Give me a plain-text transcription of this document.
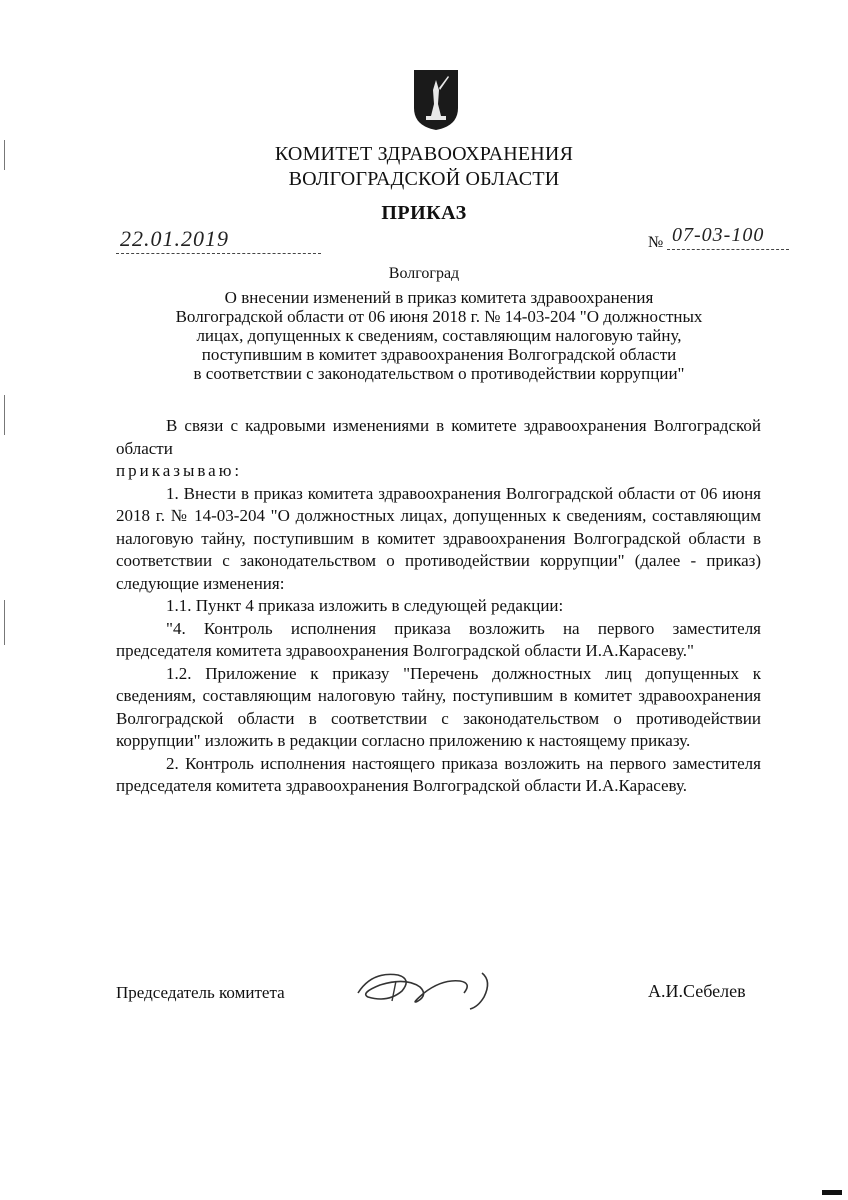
КОМИТЕТ ЗДРАВООХРАНЕНИЯ
ВОЛГОГРАДСКОЙ ОБЛАСТИ
ПРИКАЗ
22.01.2019	№ 07-03-100
Волгоград
О внесении изменений в приказ комитета здравоохранения
Волгоградской области от 06 июня 2018 г. № 14-03-204 "О должностных
лицах, допущенных к сведениям, составляющим налоговую тайну,
поступившим в комитет здравоохранения Волгоградской области
в соответствии с законодательством о противодействии коррупции"

В связи с кадровыми изменениями в комитете здравоохранения Волгоградской области

приказываю:

1. Внести в приказ комитета здравоохранения Волгоградской области от 06 июня 2018 г. № 14-03-204 "О должностных лицах, допущенных к сведениям, составляющим налоговую тайну, поступившим в комитет здравоохранения Волгоградской области в соответствии с законодательством о противодействии коррупции" (далее - приказ) следующие изменения:

1.1. Пункт 4 приказа изложить в следующей редакции:

"4. Контроль исполнения приказа возложить на первого заместителя председателя комитета здравоохранения Волгоградской области И.А.Карасеву."

1.2. Приложение к приказу "Перечень должностных лиц допущенных к сведениям, составляющим налоговую тайну, поступившим в комитет здравоохранения Волгоградской области в соответствии с законодательством о противодействии коррупции" изложить в редакции согласно приложению к настоящему приказу.

2. Контроль исполнения настоящего приказа возложить на первого заместителя председателя комитета здравоохранения Волгоградской области И.А.Карасеву.

Председатель комитета	А.И.Себелев
